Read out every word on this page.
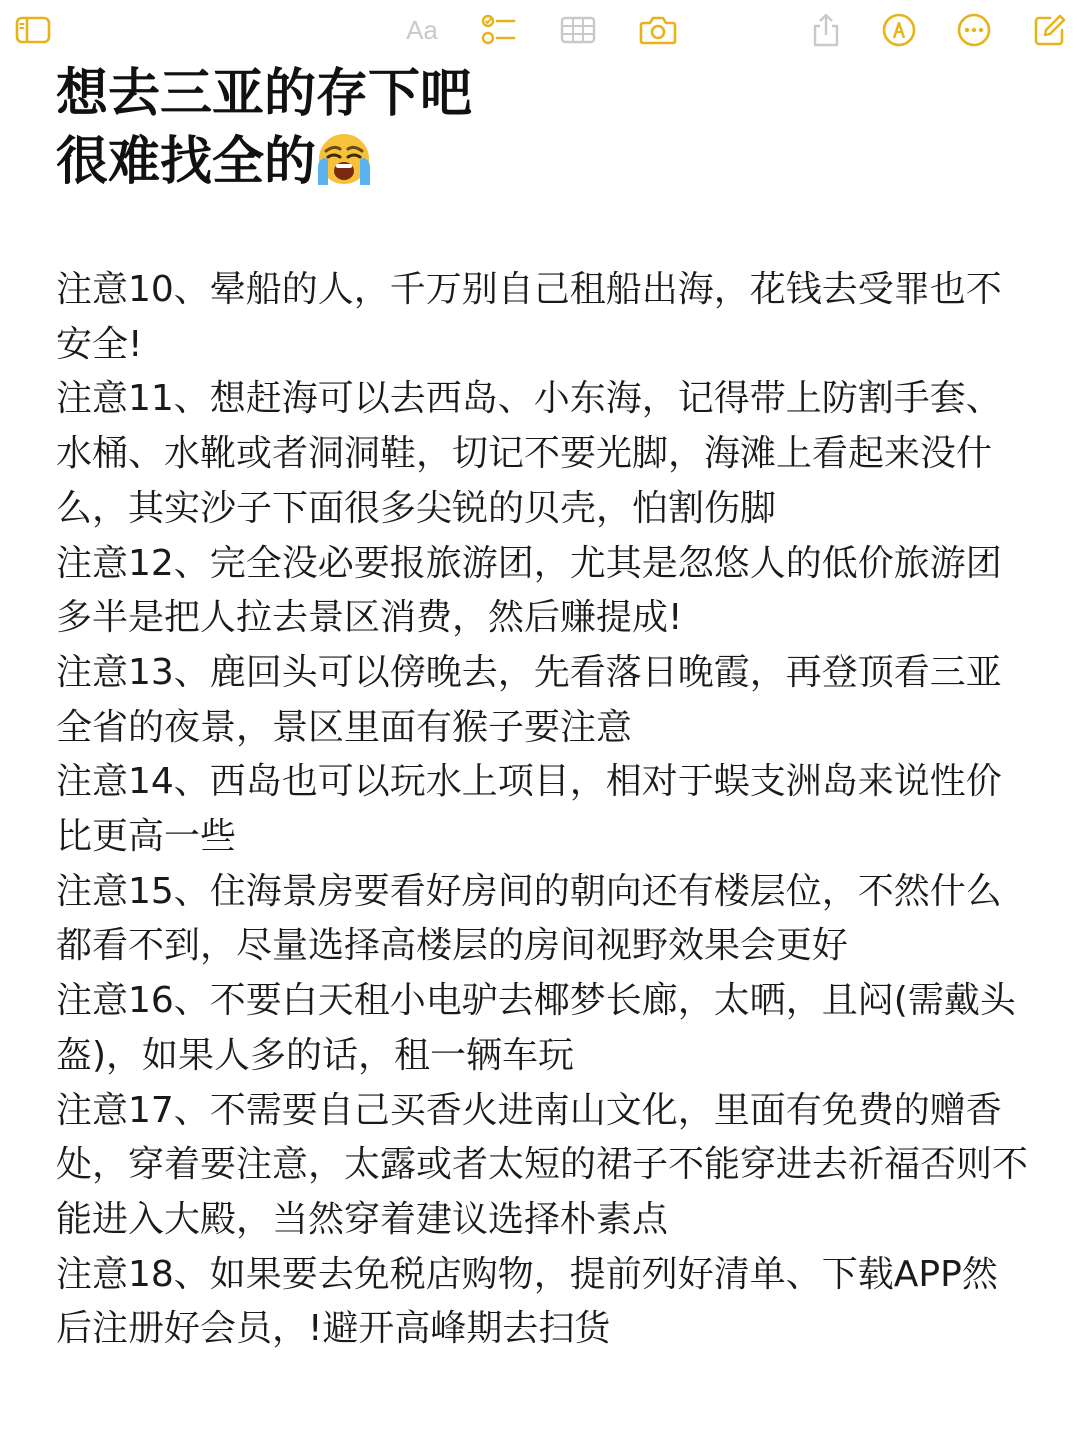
Aa
想去三亚的存下吧
很难找全的

注意10、晕船的人，千万别自己租船出海，花钱去受罪也不安全!

注意11、想赶海可以去西岛、小东海，记得带上防割手套、水桶、水靴或者洞洞鞋，切记不要光脚，海滩上看起来没什么，其实沙子下面很多尖锐的贝壳，怕割伤脚

注意12、完全没必要报旅游团，尤其是忽悠人的低价旅游团多半是把人拉去景区消费，然后赚提成!

注意13、鹿回头可以傍晚去，先看落日晚霞，再登顶看三亚全省的夜景，景区里面有猴子要注意

注意14、西岛也可以玩水上项目，相对于蜈支洲岛来说性价比更高一些

注意15、住海景房要看好房间的朝向还有楼层位，不然什么都看不到，尽量选择高楼层的房间视野效果会更好

注意16、不要白天租小电驴去椰梦长廊，太晒，且闷(需戴头盔)，如果人多的话，租一辆车玩

注意17、不需要自己买香火进南山文化，里面有免费的赠香处，穿着要注意，太露或者太短的裙子不能穿进去祈福否则不能进入大殿，当然穿着建议选择朴素点

注意18、如果要去免税店购物，提前列好清单、下载APP然后注册好会员，!避开高峰期去扫货
